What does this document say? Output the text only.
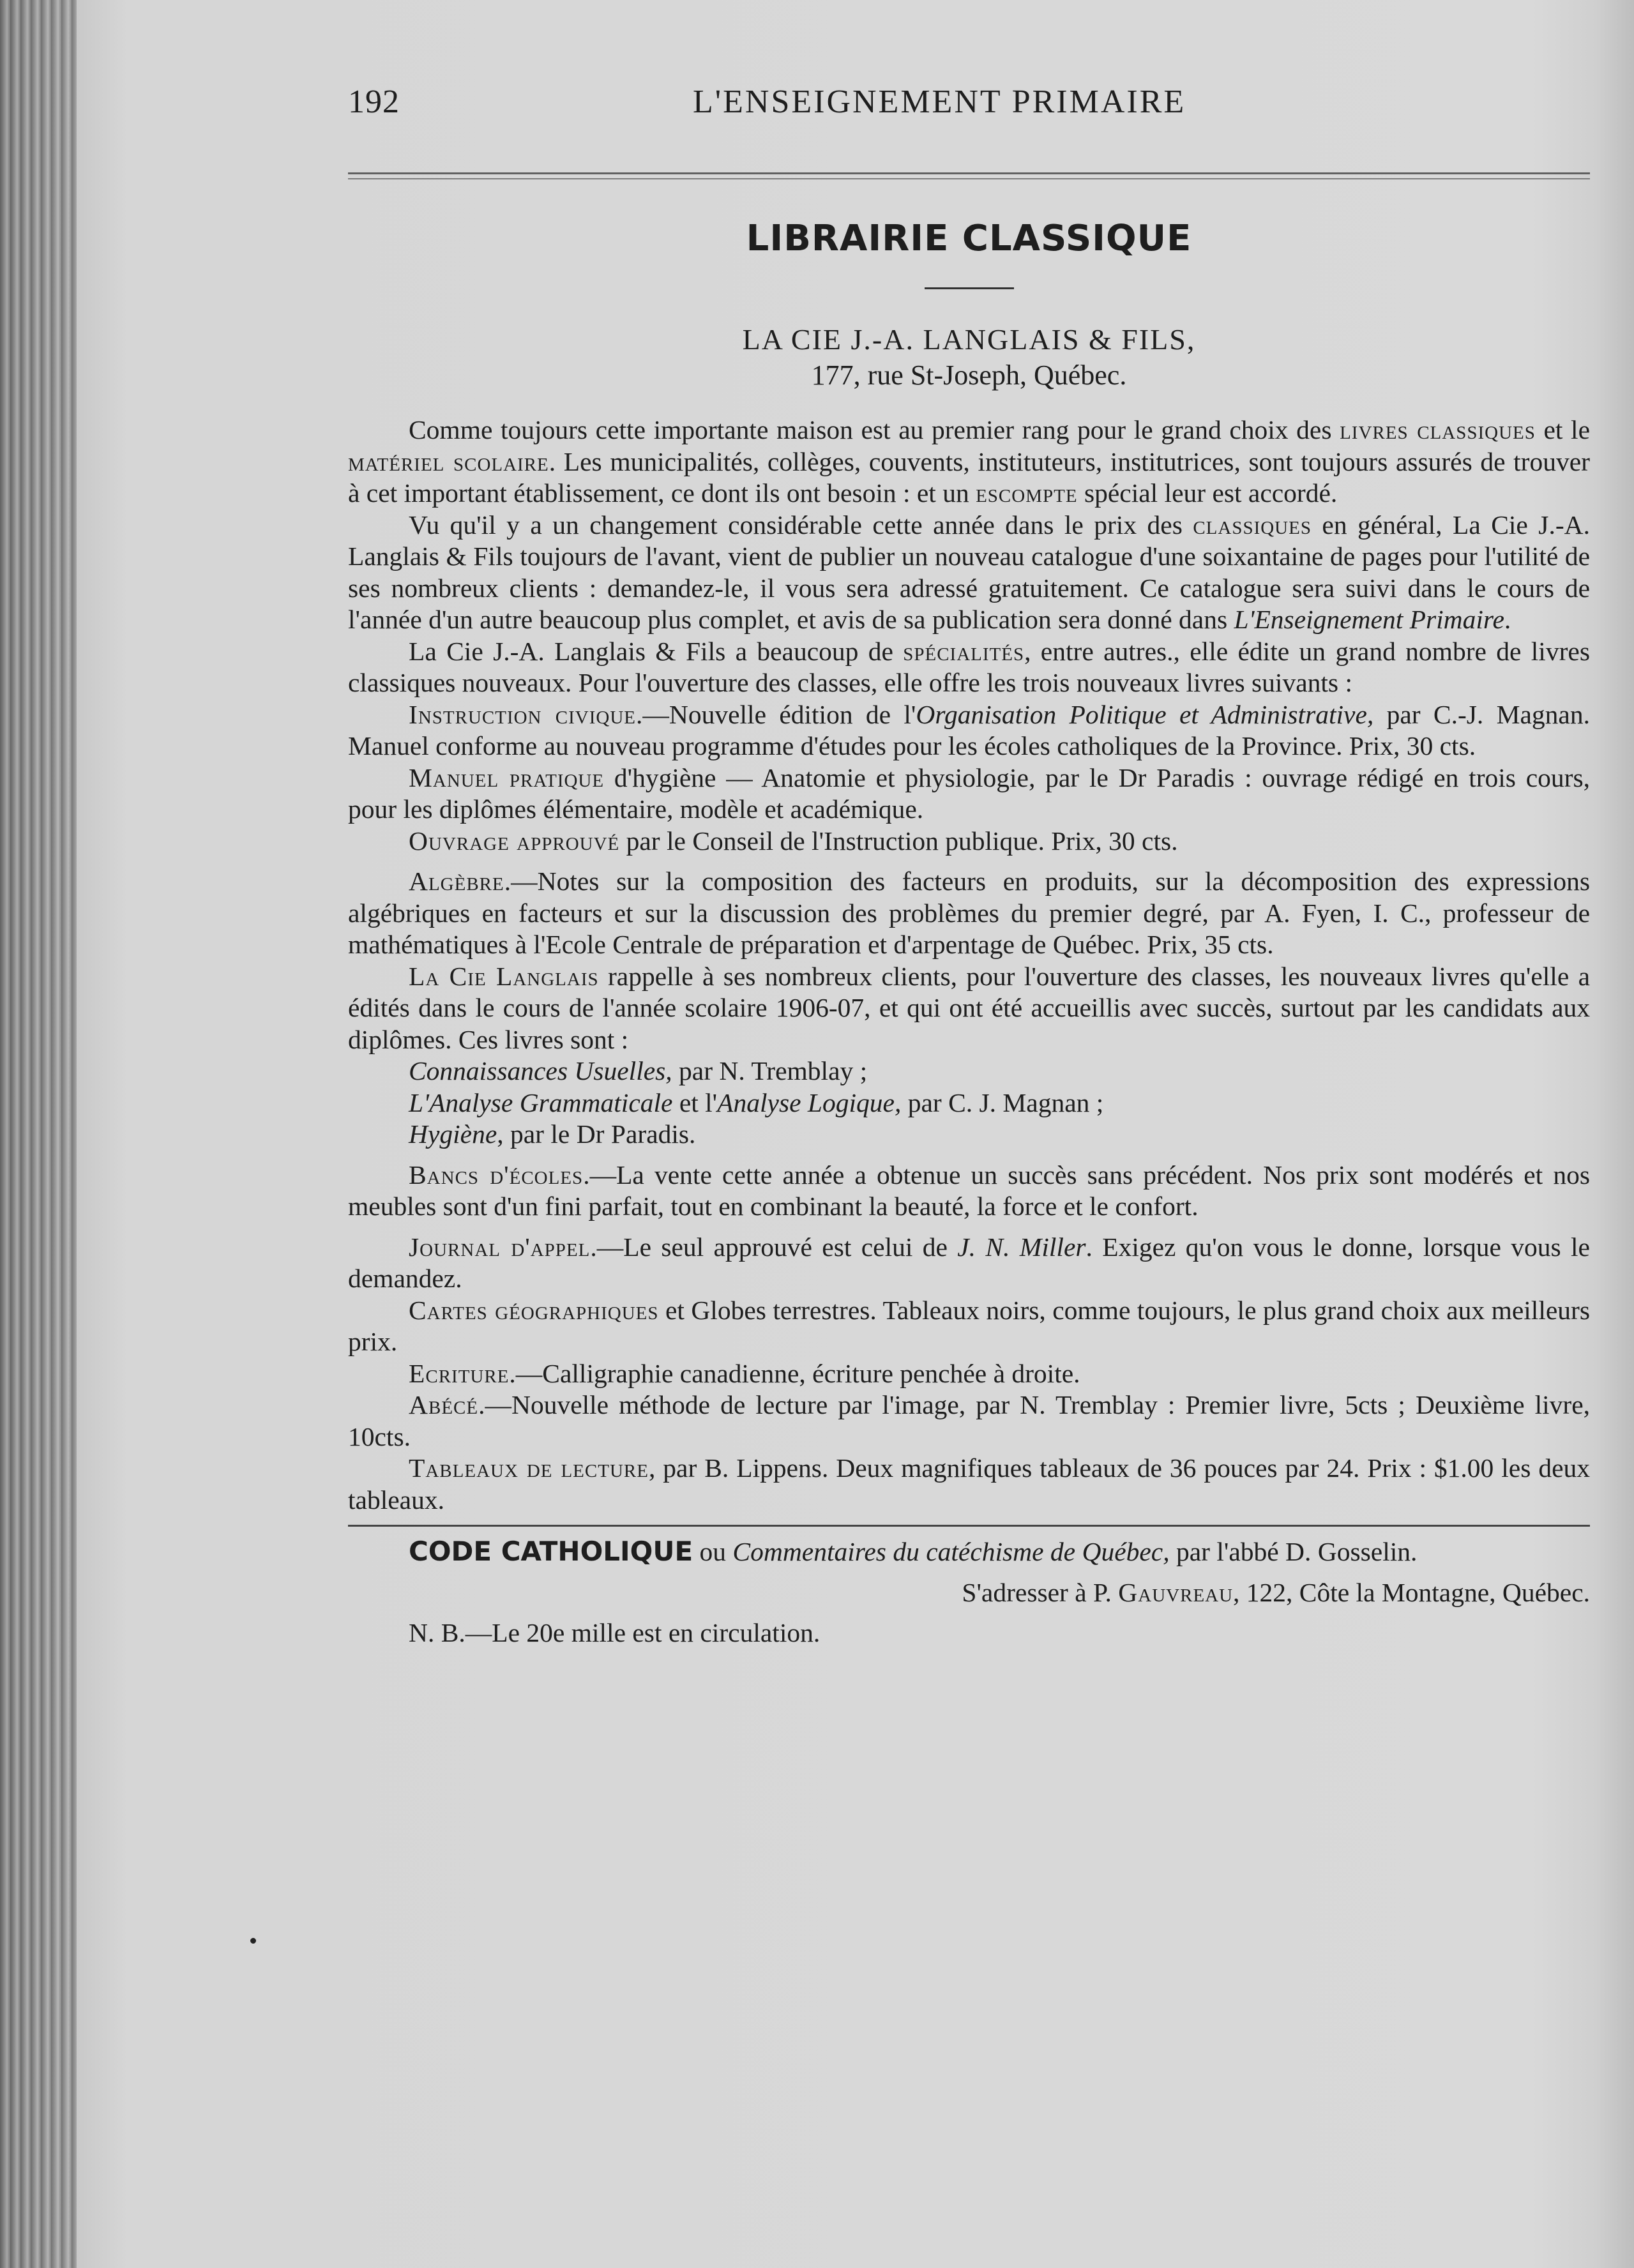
192	L'ENSEIGNEMENT PRIMAIRE
LIBRAIRIE CLASSIQUE
LA CIE J.-A. LANGLAIS & FILS,
177, rue St-Joseph, Québec.

Comme toujours cette importante maison est au premier rang pour le grand choix des livres classiques et le matériel scolaire. Les municipalités, collèges, couvents, instituteurs, institutrices, sont toujours assurés de trouver à cet important établissement, ce dont ils ont besoin : et un escompte spécial leur est accordé.

Vu qu'il y a un changement considérable cette année dans le prix des classiques en général, La Cie J.-A. Langlais & Fils toujours de l'avant, vient de publier un nouveau catalogue d'une soixantaine de pages pour l'utilité de ses nombreux clients : demandez-le, il vous sera adressé gratuitement. Ce catalogue sera suivi dans le cours de l'année d'un autre beaucoup plus complet, et avis de sa publication sera donné dans L'Enseignement Primaire.

La Cie J.-A. Langlais & Fils a beaucoup de spécialités, entre autres., elle édite un grand nombre de livres classiques nouveaux. Pour l'ouverture des classes, elle offre les trois nouveaux livres suivants :

Instruction civique.—Nouvelle édition de l'Organisation Politique et Administrative, par C.-J. Magnan. Manuel conforme au nouveau programme d'études pour les écoles catholiques de la Province. Prix, 30 cts.

Manuel pratique d'hygiène — Anatomie et physiologie, par le Dr Paradis : ouvrage rédigé en trois cours, pour les diplômes élémentaire, modèle et académique.

Ouvrage approuvé par le Conseil de l'Instruction publique. Prix, 30 cts.

Algèbre.—Notes sur la composition des facteurs en produits, sur la décomposition des expressions algébriques en facteurs et sur la discussion des problèmes du premier degré, par A. Fyen, I. C., professeur de mathématiques à l'Ecole Centrale de préparation et d'arpentage de Québec. Prix, 35 cts.

La Cie Langlais rappelle à ses nombreux clients, pour l'ouverture des classes, les nouveaux livres qu'elle a édités dans le cours de l'année scolaire 1906-07, et qui ont été accueillis avec succès, surtout par les candidats aux diplômes. Ces livres sont :

Connaissances Usuelles, par N. Tremblay ;

L'Analyse Grammaticale et l'Analyse Logique, par C. J. Magnan ;

Hygiène, par le Dr Paradis.

Bancs d'écoles.—La vente cette année a obtenue un succès sans précédent. Nos prix sont modérés et nos meubles sont d'un fini parfait, tout en combinant la beauté, la force et le confort.

Journal d'appel.—Le seul approuvé est celui de J. N. Miller. Exigez qu'on vous le donne, lorsque vous le demandez.

Cartes géographiques et Globes terrestres. Tableaux noirs, comme toujours, le plus grand choix aux meilleurs prix.

Ecriture.—Calligraphie canadienne, écriture penchée à droite.

Abécé.—Nouvelle méthode de lecture par l'image, par N. Tremblay : Premier livre, 5cts ; Deuxième livre, 10cts.

Tableaux de lecture, par B. Lippens. Deux magnifiques tableaux de 36 pouces par 24. Prix : $1.00 les deux tableaux.

CODE CATHOLIQUE ou Commentaires du catéchisme de Québec, par l'abbé D. Gosselin.

S'adresser à P. Gauvreau, 122, Côte la Montagne, Québec.

N. B.—Le 20e mille est en circulation.
